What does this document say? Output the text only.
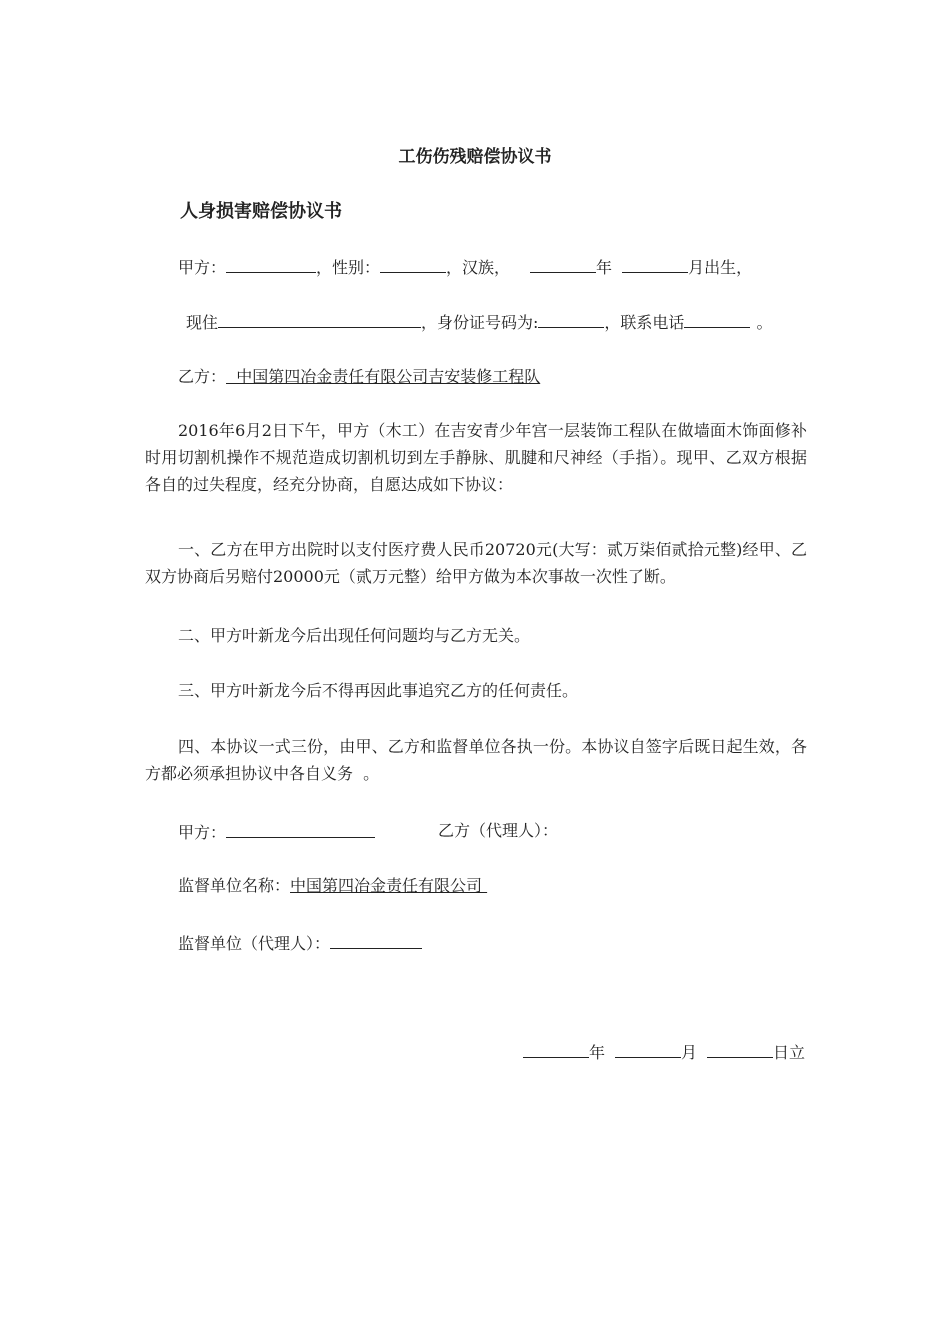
工伤伤残赔偿协议书
人身损害赔偿协议书
甲方：	，性别：	，汉族，	年	月出生，
现住	，身份证号码为:	，联系电话	。
乙方：  中国第四冶金责任有限公司吉安装修工程队
2016年6月2日下午，甲方（木工）在吉安青少年宫一层装饰工程队在做墙面木饰面修补时用切割机操作不规范造成切割机切到左手静脉、肌腱和尺神经（手指）。现甲、乙双方根据各自的过失程度，经充分协商，自愿达成如下协议：
一、乙方在甲方出院时以支付医疗费人民币20720元(大写：贰万柒佰贰拾元整)经甲、乙双方协商后另赔付20000元（贰万元整）给甲方做为本次事故一次性了断。
二、甲方叶新龙今后出现任何问题均与乙方无关。
三、甲方叶新龙今后不得再因此事追究乙方的任何责任。
四、本协议一式三份，由甲、乙方和监督单位各执一份。本协议自签字后既日起生效，各方都必须承担协议中各自义务  。
甲方：	乙方（代理人）：
监督单位名称：中国第四冶金责任有限公司
监督单位（代理人）：
年	月	日立
